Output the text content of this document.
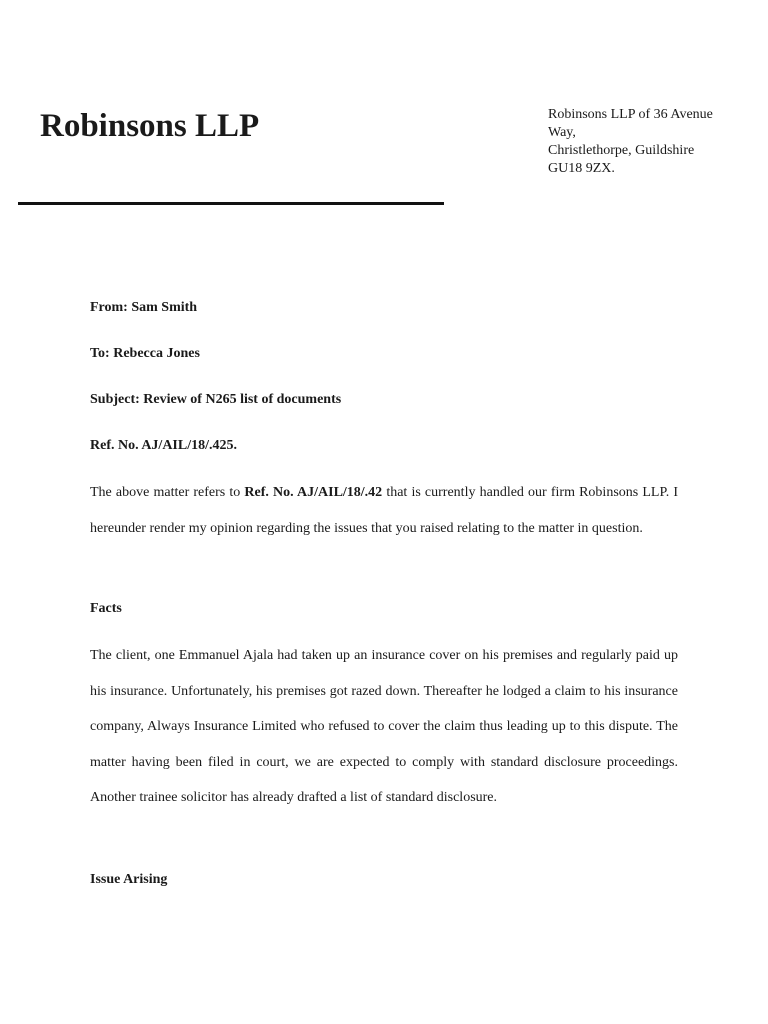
Robinsons LLP	Robinsons LLP of 36 Avenue
Way,
Christlethorpe, Guildshire
GU18 9ZX.
From: Sam Smith
To: Rebecca Jones
Subject: Review of N265 list of documents
Ref. No. AJ/AIL/18/.425.

The above matter refers to Ref. No. AJ/AIL/18/.42 that is currently handled our firm Robinsons LLP. I hereunder render my opinion regarding the issues that you raised relating to the matter in question.

Facts

The client, one Emmanuel Ajala had taken up an insurance cover on his premises and regularly paid up his insurance. Unfortunately, his premises got razed down. Thereafter he lodged a claim to his insurance company, Always Insurance Limited who refused to cover the claim thus leading up to this dispute. The matter having been filed in court, we are expected to comply with standard disclosure proceedings. Another trainee solicitor has already drafted a list of standard disclosure.

Issue Arising
